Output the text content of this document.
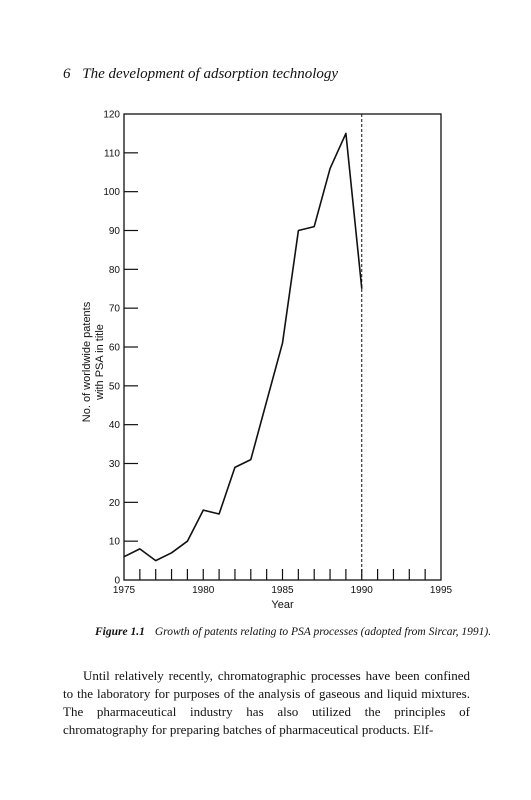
6 The development of adsorption technology
0
10
20
30
40
50
60
70
80
90
100
110
120
1975	1980	1985	1990	1995
Year
No. of worldwide patents with PSA in title
Figure 1.1 Growth of patents relating to PSA processes (adopted from Sircar, 1991).

Until relatively recently, chromatographic processes have been confined to the laboratory for purposes of the analysis of gaseous and liquid mixtures. The pharmaceutical industry has also utilized the principles of chromatography for preparing batches of pharmaceutical products. Elf-
